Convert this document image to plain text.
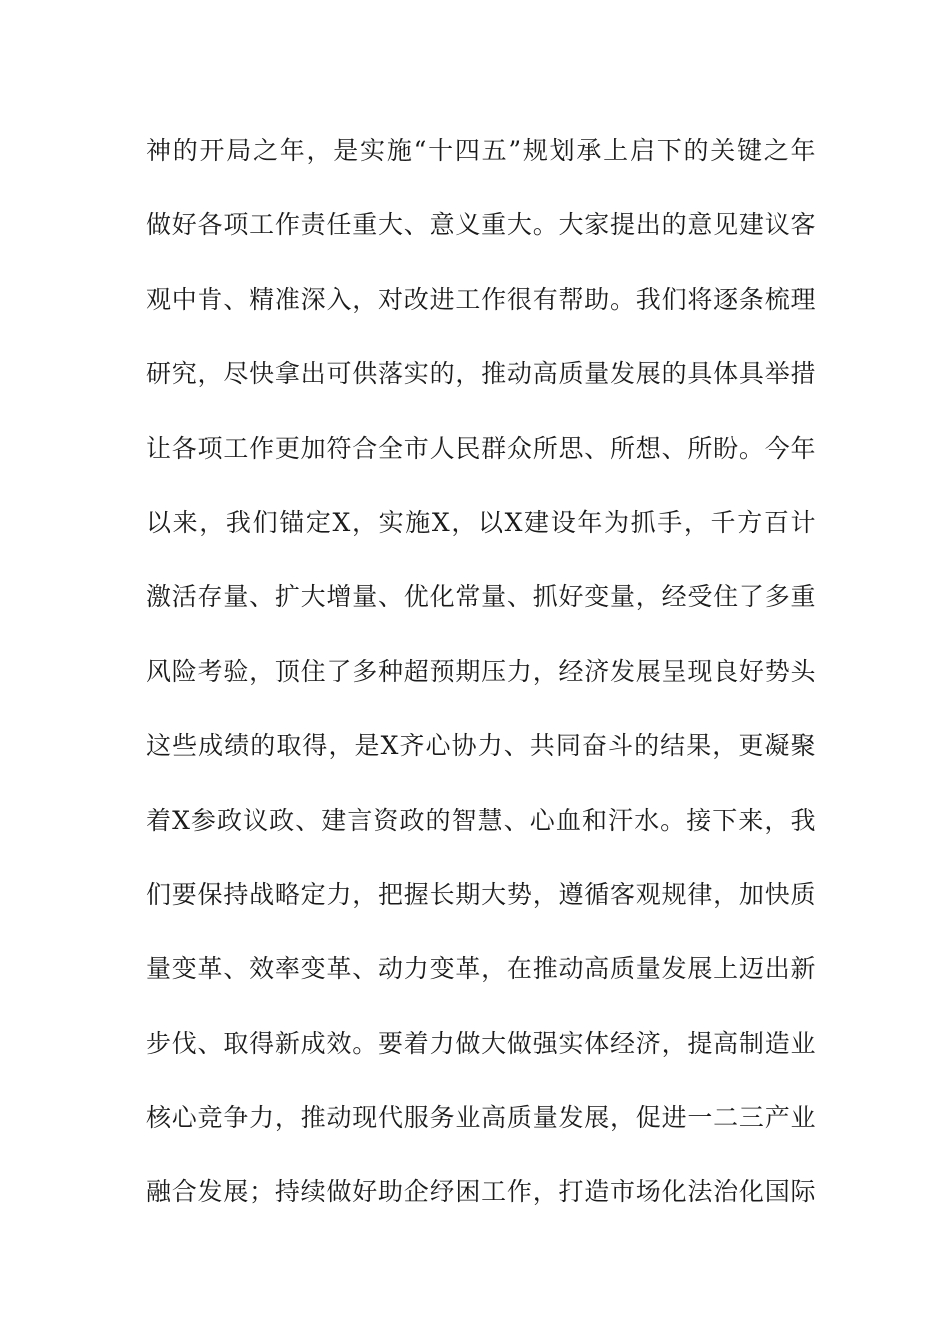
神的开局之年，是实施“十四五”规划承上启下的关键之年
做好各项工作责任重大、意义重大。大家提出的意见建议客
观中肯、精准深入，对改进工作很有帮助。我们将逐条梳理
研究，尽快拿出可供落实的，推动高质量发展的具体具举措
让各项工作更加符合全市人民群众所思、所想、所盼。今年
以来，我们锚定X，实施X，以X建设年为抓手，千方百计
激活存量、扩大增量、优化常量、抓好变量，经受住了多重
风险考验，顶住了多种超预期压力，经济发展呈现良好势头
这些成绩的取得，是X齐心协力、共同奋斗的结果，更凝聚
着X参政议政、建言资政的智慧、心血和汗水。接下来，我
们要保持战略定力，把握长期大势，遵循客观规律，加快质
量变革、效率变革、动力变革，在推动高质量发展上迈出新
步伐、取得新成效。要着力做大做强实体经济，提高制造业
核心竞争力，推动现代服务业高质量发展，促进一二三产业
融合发展；持续做好助企纾困工作，打造市场化法治化国际
